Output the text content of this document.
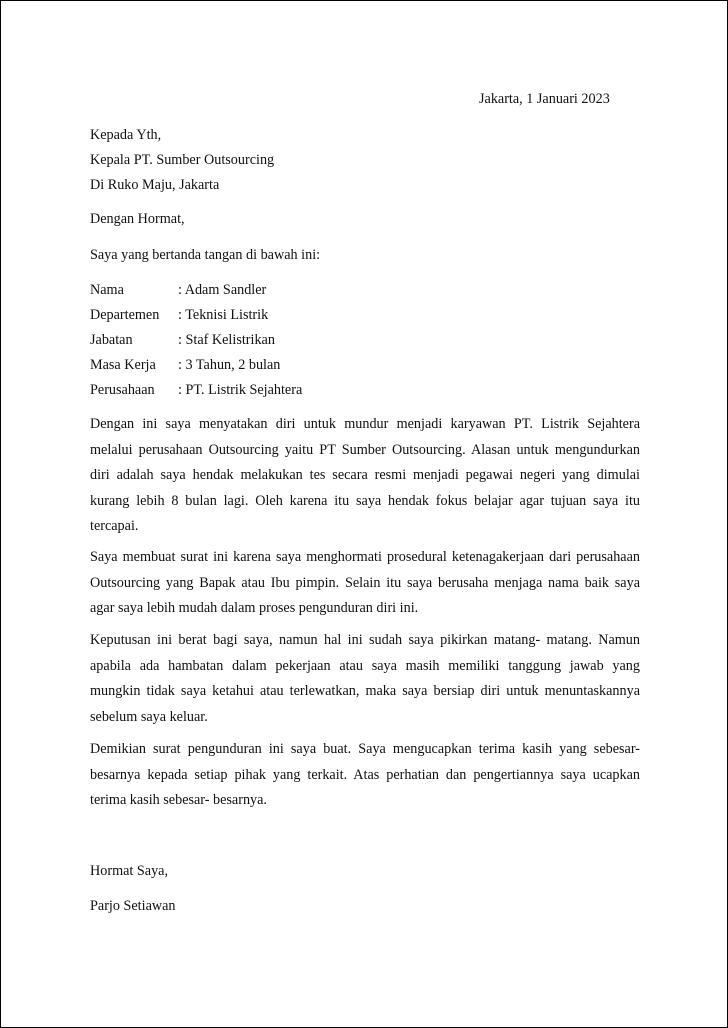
Jakarta, 1 Januari 2023
Kepada Yth,
Kepala PT. Sumber Outsourcing
Di Ruko Maju, Jakarta
Dengan Hormat,
Saya yang bertanda tangan di bawah ini:
Nama	: Adam Sandler
Departemen : Teknisi Listrik
Jabatan	: Staf Kelistrikan
Masa Kerja : 3 Tahun, 2 bulan
Perusahaan : PT. Listrik Sejahtera
Dengan ini saya menyatakan diri untuk mundur menjadi karyawan PT. Listrik Sejahtera
melalui perusahaan Outsourcing yaitu PT Sumber Outsourcing. Alasan untuk mengundurkan
diri adalah saya hendak melakukan tes secara resmi menjadi pegawai negeri yang dimulai
kurang lebih 8 bulan lagi. Oleh karena itu saya hendak fokus belajar agar tujuan saya itu
tercapai.
Saya membuat surat ini karena saya menghormati prosedural ketenagakerjaan dari perusahaan
Outsourcing yang Bapak atau Ibu pimpin. Selain itu saya berusaha menjaga nama baik saya
agar saya lebih mudah dalam proses pengunduran diri ini.
Keputusan ini berat bagi saya, namun hal ini sudah saya pikirkan matang- matang. Namun
apabila ada hambatan dalam pekerjaan atau saya masih memiliki tanggung jawab yang
mungkin tidak saya ketahui atau terlewatkan, maka saya bersiap diri untuk menuntaskannya
sebelum saya keluar.
Demikian surat pengunduran ini saya buat. Saya mengucapkan terima kasih yang sebesar-
besarnya kepada setiap pihak yang terkait. Atas perhatian dan pengertiannya saya ucapkan
terima kasih sebesar- besarnya.
Hormat Saya,
Parjo Setiawan
